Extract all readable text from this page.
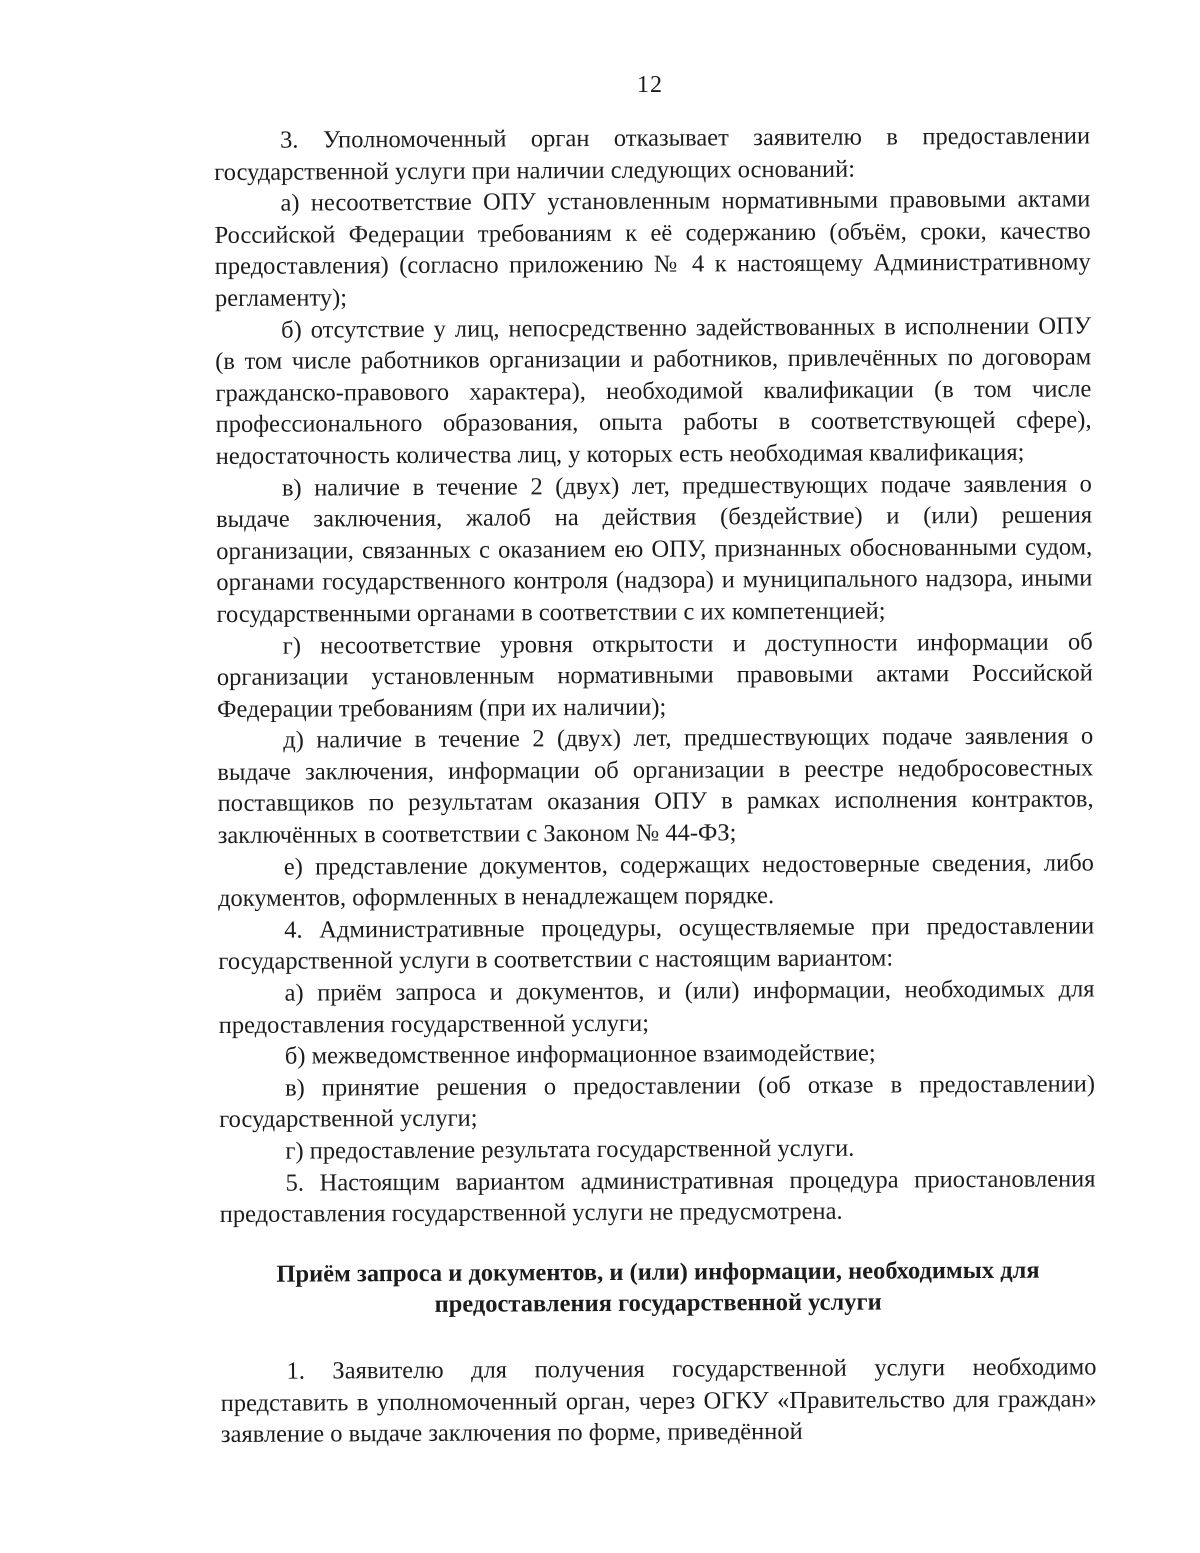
12

3. Уполномоченный орган отказывает заявителю в предоставлении государственной услуги при наличии следующих оснований:

а) несоответствие ОПУ установленным нормативными правовыми актами Российской Федерации требованиям к её содержанию (объём, сроки, качество предоставления) (согласно приложению № 4 к настоящему Административному регламенту);

б) отсутствие у лиц, непосредственно задействованных в исполнении ОПУ (в том числе работников организации и работников, привлечённых по договорам гражданско-правового характера), необходимой квалификации (в том числе профессионального образования, опыта работы в соответствующей сфере), недостаточность количества лиц, у которых есть необходимая квалификация;

в) наличие в течение 2 (двух) лет, предшествующих подаче заявления о выдаче заключения, жалоб на действия (бездействие) и (или) решения организации, связанных с оказанием ею ОПУ, признанных обоснованными судом, органами государственного контроля (надзора) и муниципального надзора, иными государственными органами в соответствии с их компетенцией;

г) несоответствие уровня открытости и доступности информации об организации установленным нормативными правовыми актами Российской Федерации требованиям (при их наличии);

д) наличие в течение 2 (двух) лет, предшествующих подаче заявления о выдаче заключения, информации об организации в реестре недобросовестных поставщиков по результатам оказания ОПУ в рамках исполнения контрактов, заключённых в соответствии с Законом № 44-ФЗ;

е) представление документов, содержащих недостоверные сведения, либо документов, оформленных в ненадлежащем порядке.

4. Административные процедуры, осуществляемые при предоставлении государственной услуги в соответствии с настоящим вариантом:

а) приём запроса и документов, и (или) информации, необходимых для предоставления государственной услуги;

б) межведомственное информационное взаимодействие;

в) принятие решения о предоставлении (об отказе в предоставлении) государственной услуги;

г) предоставление результата государственной услуги.

5. Настоящим вариантом административная процедура приостановления предоставления государственной услуги не предусмотрена.

Приём запроса и документов, и (или) информации, необходимых для
предоставления государственной услуги

1. Заявителю для получения государственной услуги необходимо представить в уполномоченный орган, через ОГКУ «Правительство для граждан» заявление о выдаче заключения по форме, приведённой
